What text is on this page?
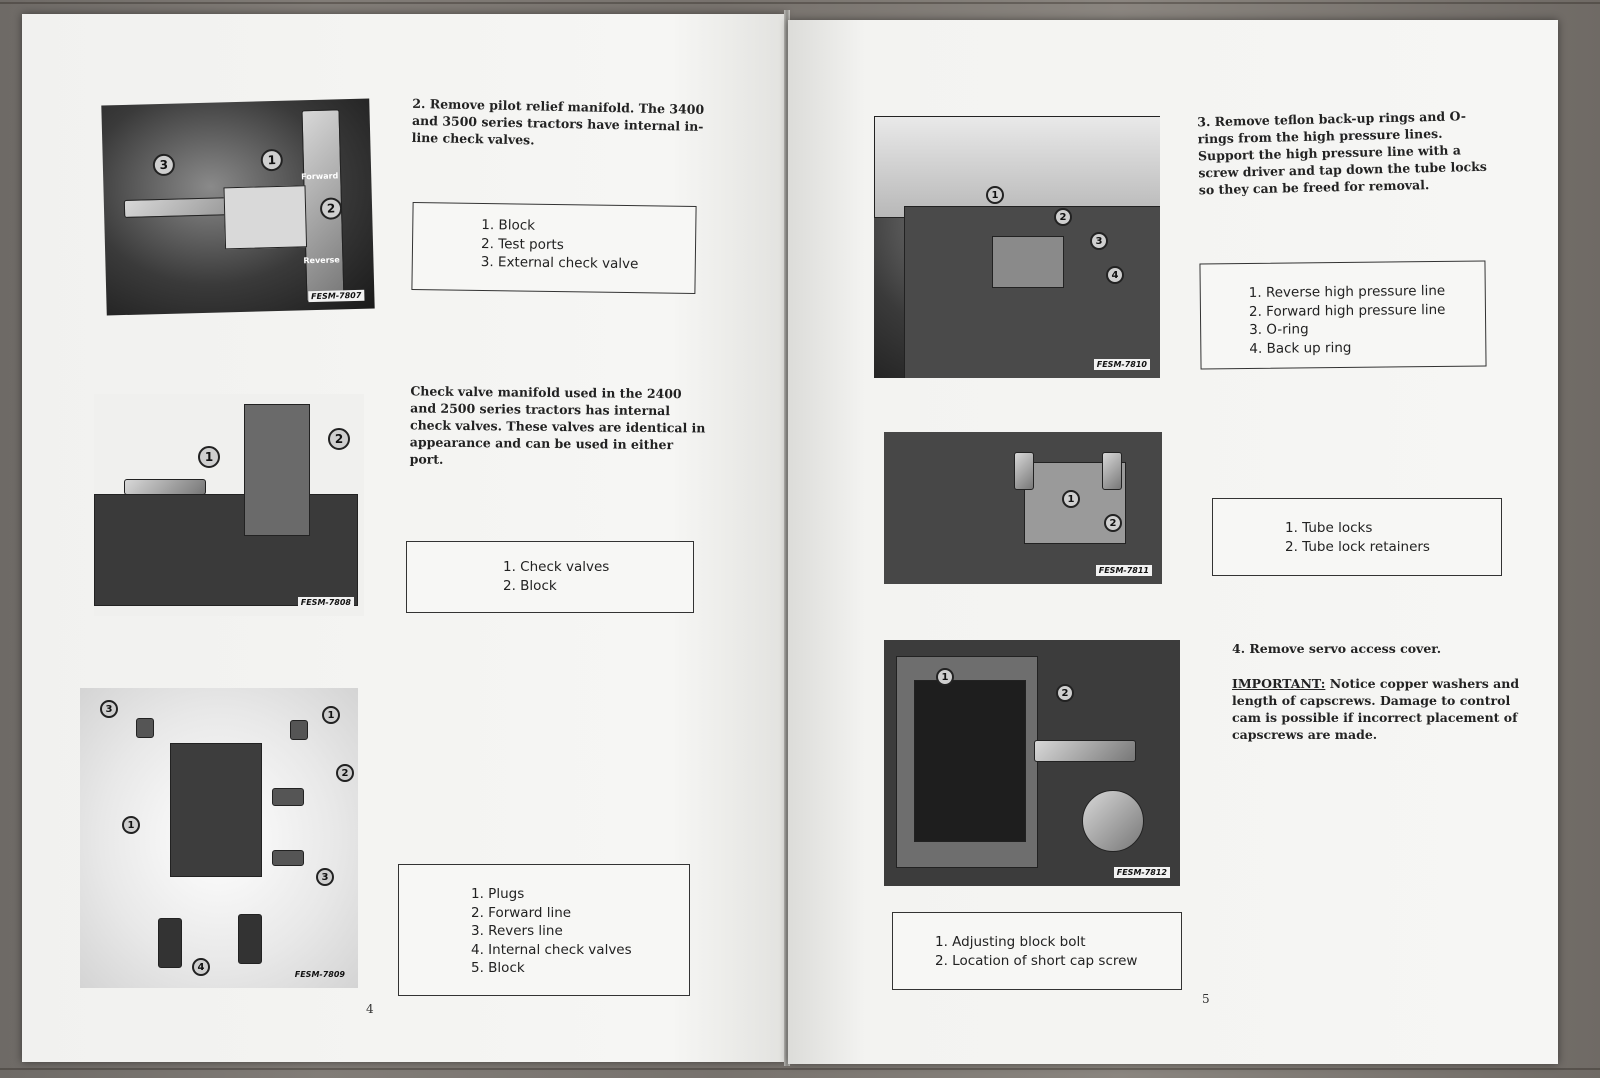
3	1
2
Forward
Reverse
FESM-7807

2. Remove pilot relief manifold. The 3400 and 3500 series tractors have internal in-line check valves.

1. Block
2. Test ports
3. External check valve
1
2
FESM-7808

Check valve manifold used in the 2400 and 2500 series tractors has internal check valves. These valves are identical in appearance and can be used in either port.

1. Check valves
2. Block
3
1
2
1
3
4
FESM-7809
1. Plugs
2. Forward line
3. Revers line
4. Internal check valves
5. Block
4
1
2
3
4
FESM-7810

3. Remove teflon back-up rings and O-rings from the high pressure lines. Support the high pressure line with a screw driver and tap down the tube locks so they can be freed for removal.

1. Reverse high pressure line
2. Forward high pressure line
3. O-ring
4. Back up ring
1
2
FESM-7811
1. Tube locks
2. Tube lock retainers
1
2
FESM-7812

4. Remove servo access cover.

IMPORTANT: Notice copper washers and length of capscrews. Damage to control cam is possible if incorrect placement of capscrews are made.

1. Adjusting block bolt
2. Location of short cap screw
5
